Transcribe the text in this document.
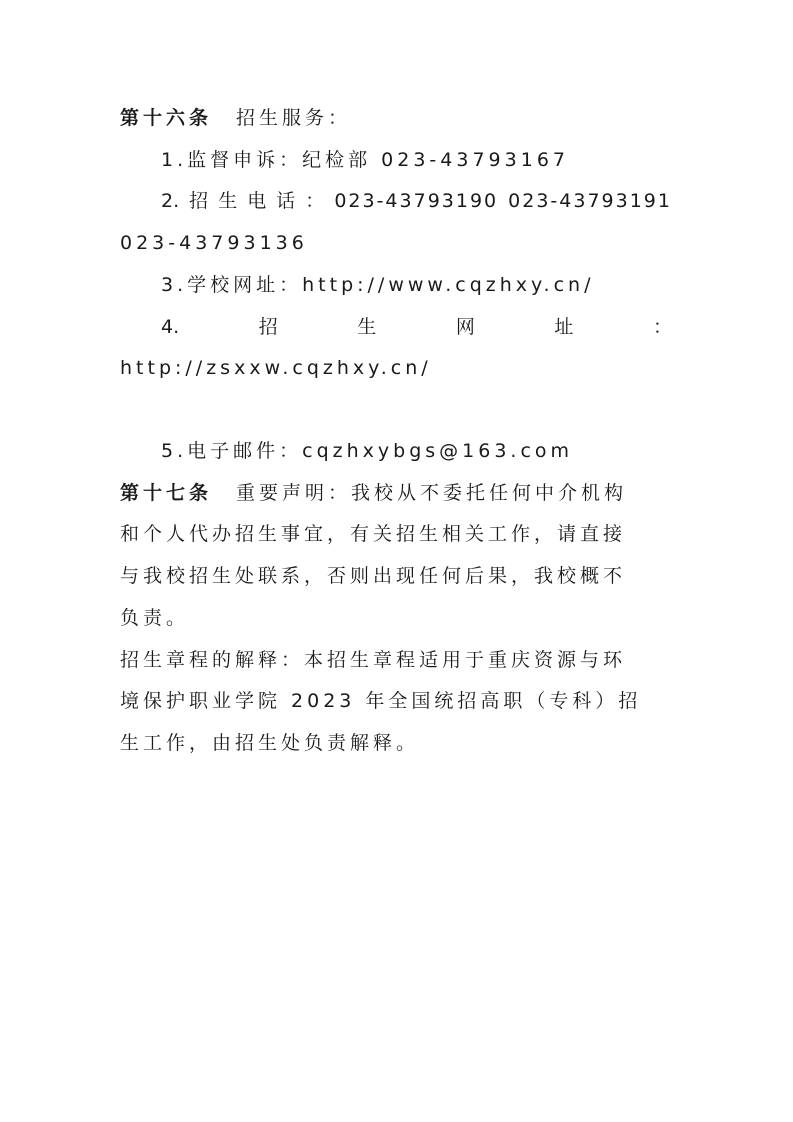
第十六条 招生服务：
1.监督申诉：纪检部 023-43793167
2. 招 生 电 话 ： 023-43793190 023-43793191
023-43793136
3.学校网址：http://www.cqzhxy.cn/
4.	招	生	网	址	：
http://zsxxw.cqzhxy.cn/
5.电子邮件：cqzhxybgs@163.com
第十七条 重要声明：我校从不委托任何中介机构
和个人代办招生事宜，有关招生相关工作，请直接
与我校招生处联系，否则出现任何后果，我校概不
负责。
招生章程的解释：本招生章程适用于重庆资源与环
境保护职业学院 2023 年全国统招高职（专科）招
生工作，由招生处负责解释。
